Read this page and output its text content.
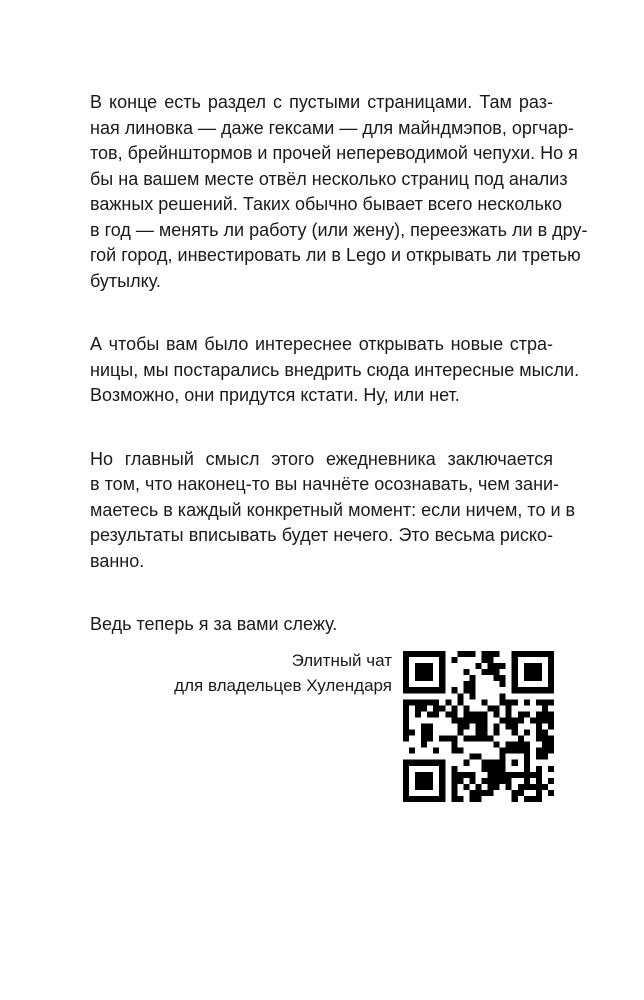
В конце есть раздел с пустыми страницами. Там раз-
ная линовка — даже гексами — для майндмэпов, оргчар-
тов, брейнштормов и прочей непереводимой чепухи. Но я
бы на вашем месте отвёл несколько страниц под анализ
важных решений. Таких обычно бывает всего несколько
в год — менять ли работу (или жену), переезжать ли в дру-
гой город, инвестировать ли в Lego и открывать ли третью
бутылку.

А чтобы вам было интереснее открывать новые стра-
ницы, мы постарались внедрить сюда интересные мысли.
Возможно, они придутся кстати. Ну, или нет.

Но главный смысл этого ежедневника заключается
в том, что наконец-то вы начнёте осознавать, чем зани-
маетесь в каждый конкретный момент: если ничем, то и в
результаты вписывать будет нечего. Это весьма риско-
ванно.

Ведь теперь я за вами слежу.

Элитный чат
для владельцев Хулендаря
